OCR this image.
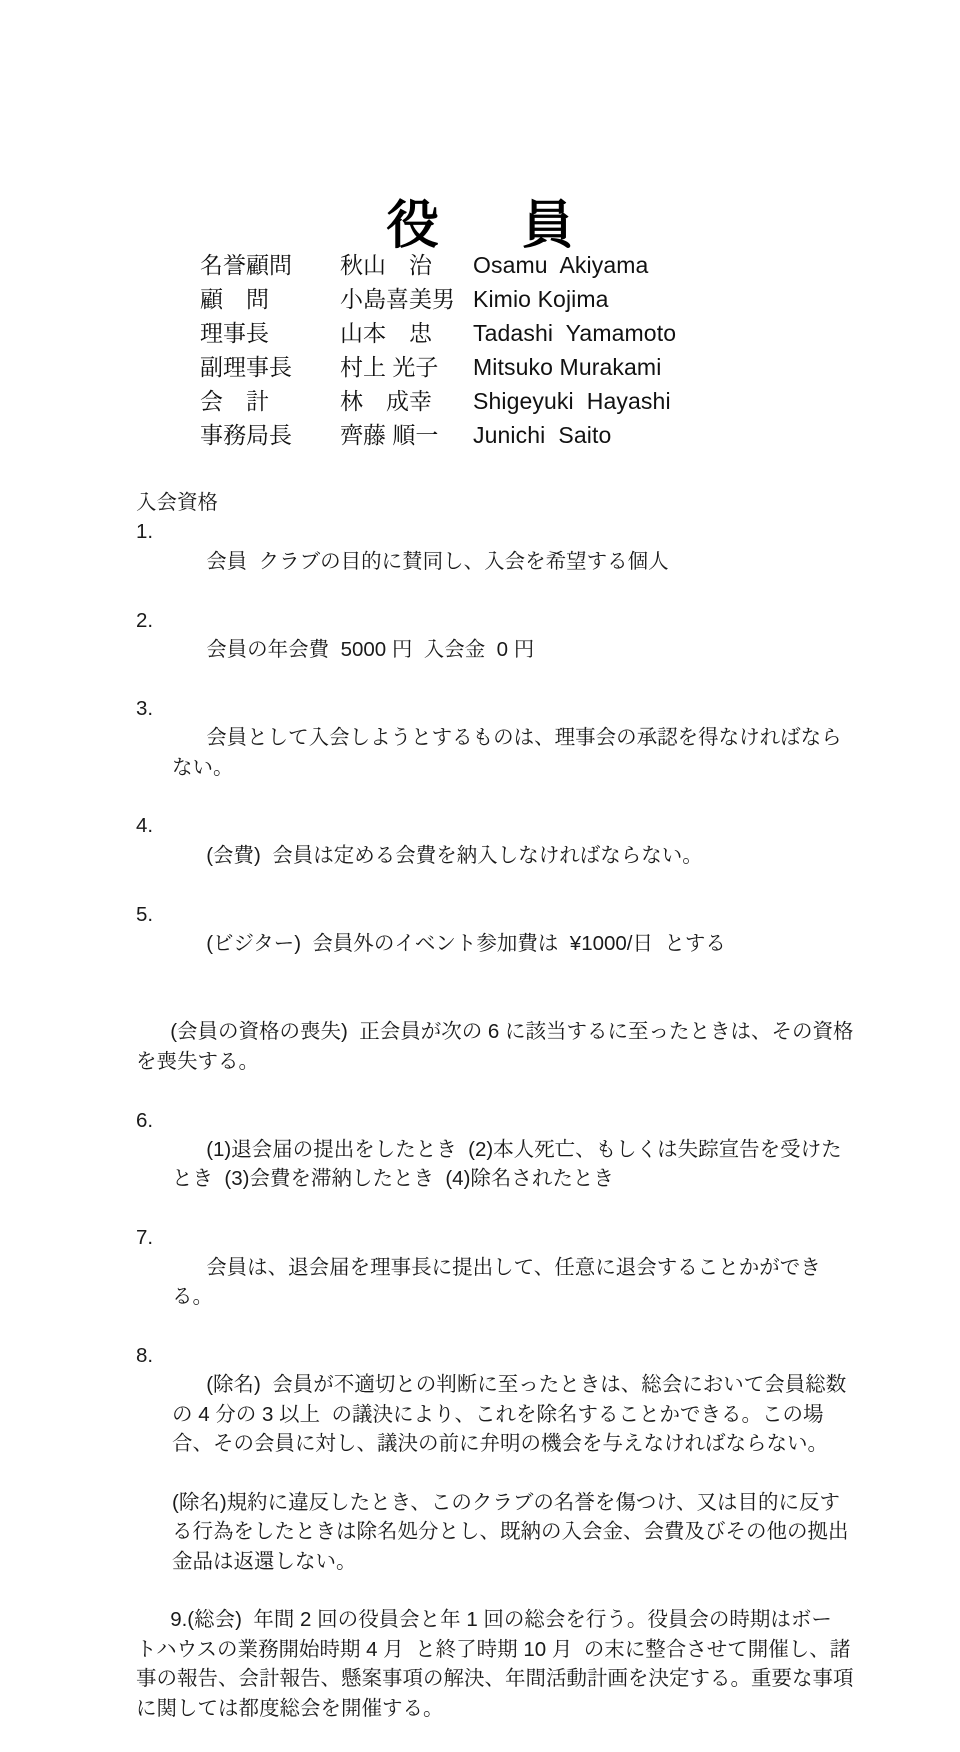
役　員
名誉顧問	秋山　治	Osamu  Akiyama
顧　問	小島喜美男 Kimio Kojima
理事長	山本　忠	Tadashi  Yamamoto
副理事長	村上 光子	Mitsuko Murakami
会　計	林　成幸	Shigeyuki  Hayashi
事務局長	齊藤 順一	Junichi  Saito

入会資格

1.
会員  クラブの目的に賛同し、入会を希望する個人

2.
会員の年会費  5000 円  入会金  0 円

3.
会員として入会しようとするものは、理事会の承認を得なければならない。

4.
(会費)  会員は定める会費を納入しなければならない。

5.
(ビジター)  会員外のイベント参加費は  ¥1000/日  とする

(会員の資格の喪失)  正会員が次の 6 に該当するに至ったときは、その資格を喪失する。

6.
(1)退会届の提出をしたとき  (2)本人死亡、もしくは失踪宣告を受けたとき  (3)会費を滞納したとき  (4)除名されたとき

7.
会員は、退会届を理事長に提出して、任意に退会することかができる。

8.
(除名)  会員が不適切との判断に至ったときは、総会において会員総数の 4 分の 3 以上  の議決により、これを除名することかできる。この場合、その会員に対し、議決の前に弁明の機会を与えなければならない。

(除名)規約に違反したとき、このクラブの名誉を傷つけ、又は目的に反する行為をしたときは除名処分とし、既納の入会金、会費及びその他の拠出金品は返還しない。

9.(総会)  年間 2 回の役員会と年 1 回の総会を行う。役員会の時期はボー トハウスの業務開始時期 4 月  と終了時期 10 月  の末に整合させて開催し、諸事の報告、会計報告、懸案事項の解決、年間活動計画を決定する。重要な事項に関しては都度総会を開催する。
